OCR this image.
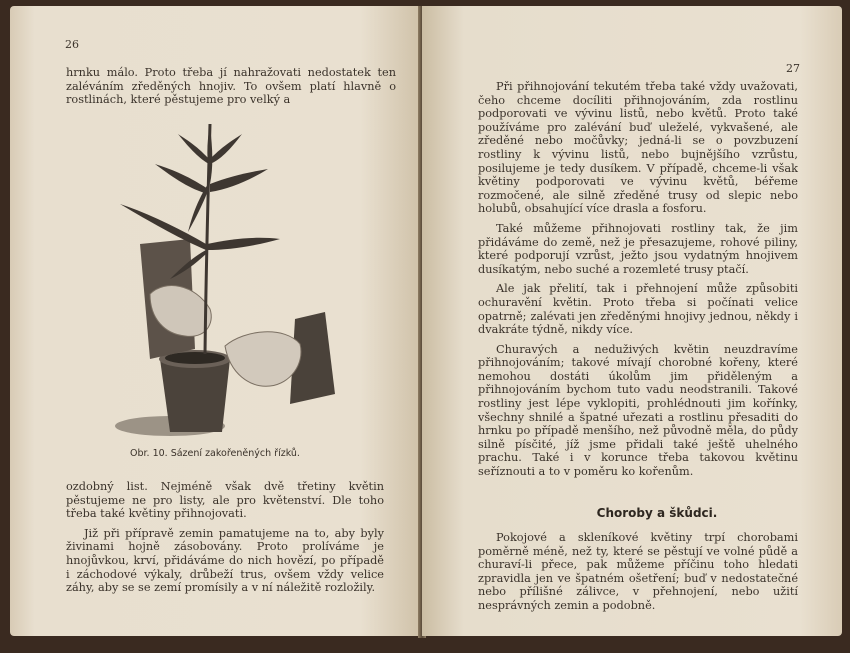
26

hrnku málo. Proto třeba jí nahražovati nedostatek ten zaléváním zředěných hnojiv. To ovšem platí hlavně o rostlinách, které pěstujeme pro velký a

Obr. 10. Sázení zakořeněných řízků.

ozdobný list. Nejméně však dvě třetiny květin pěstujeme ne pro listy, ale pro květenství. Dle toho třeba také květiny přihnojovati.

Již při přípravě zemin pamatujeme na to, aby byly živinami hojně zásobovány. Proto prolíváme je hnojůvkou, krví, přidáváme do nich hovězí, po případě i záchodové výkaly, drůbeží trus, ovšem vždy velice záhy, aby se se zemí promísily a v ní náležitě rozložily.

27

Při přihnojování tekutém třeba také vždy uvažovati, čeho chceme docíliti přihnojováním, zda rostlinu podporovati ve vývinu listů, nebo květů. Proto také používáme pro zalévání buď uleželé, vykvašené, ale zředěné nebo močůvky; jedná-li se o povzbuzení rostliny k vývinu listů, nebo bujnějšího vzrůstu, posilujeme je tedy dusíkem. V případě, chceme-li však květiny podporovati ve vývinu květů, béřeme rozmočené, ale silně zředěné trusy od slepic nebo holubů, obsahující více drasla a fosforu.

Také můžeme přihnojovati rostliny tak, že jim přidáváme do země, než je přesazujeme, rohové piliny, které podporují vzrůst, ježto jsou vydatným hnojivem dusíkatým, nebo suché a rozemleté trusy ptačí.

Ale jak přelití, tak i přehnojení může způsobiti ochuravění květin. Proto třeba si počínati velice opatrně; zalévati jen zředěnými hnojivy jednou, někdy i dvakráte týdně, nikdy více.

Churavých a neduživých květin neuzdravíme přihnojováním; takové mívají chorobné kořeny, které nemohou dostáti úkolům jim přiděleným a přihnojováním bychom tuto vadu neodstranili. Takové rostliny jest lépe vyklopiti, prohlédnouti jim kořínky, všechny shnilé a špatné uřezati a rostlinu přesaditi do hrnku po případě menšího, než původně měla, do půdy silně písčité, jíž jsme přidali také ještě uhelného prachu. Také i v koruncе třeba takovou květinu seříznouti a to v poměru ko kořenům.

Choroby a škůdci.

Pokojové a skleníkové květiny trpí chorobami poměrně méně, než ty, které se pěstují ve volné půdě a churaví-li přece, pak můžeme příčinu toho hledati zpravidla jen ve špatném ošetření; buď v nedostatečné nebo přílišné zálivce, v přehnojení, nebo užití nesprávných zemin a podobně.
